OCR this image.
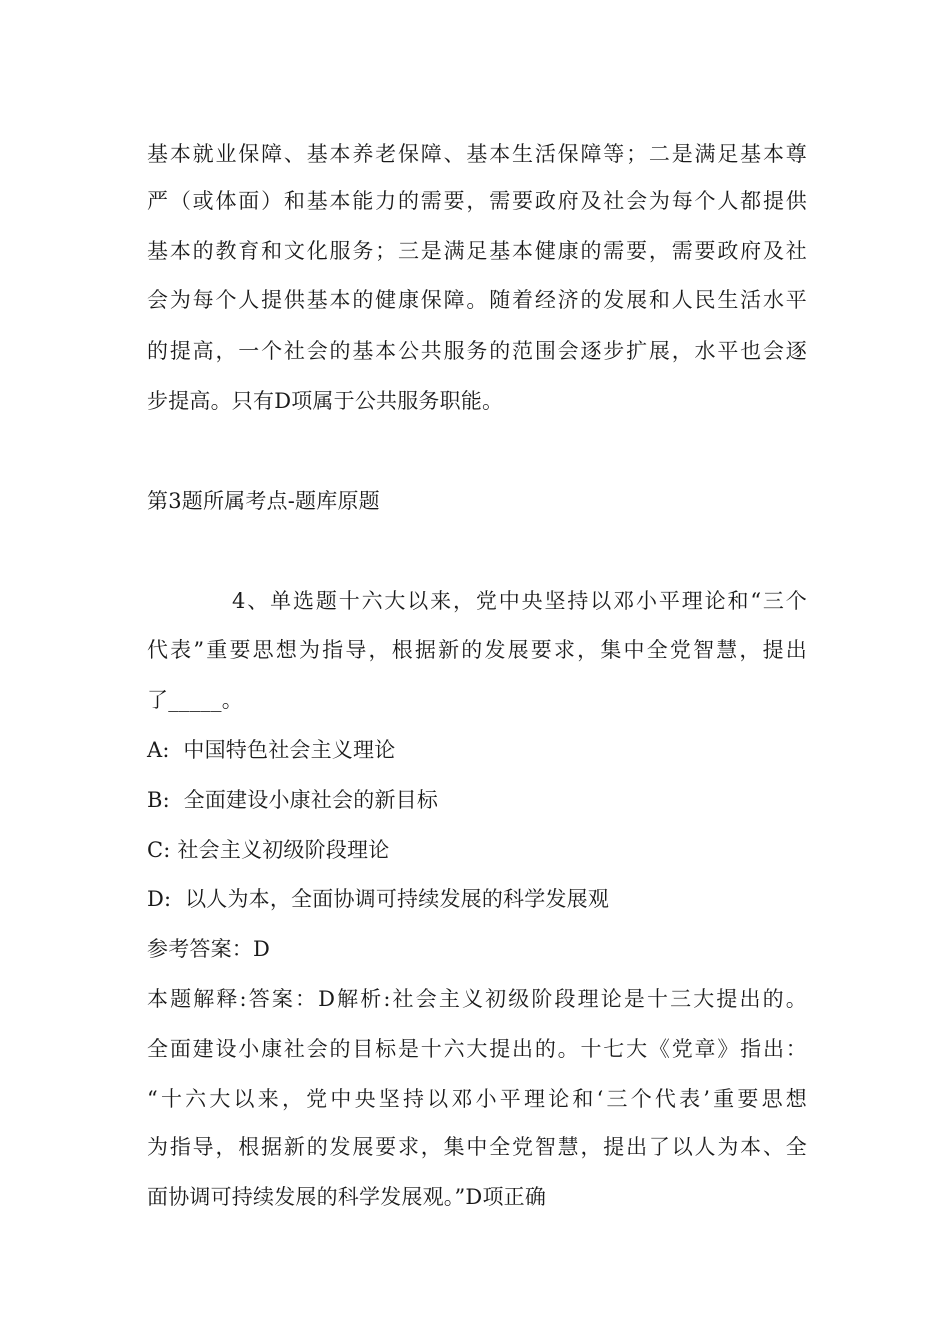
基本就业保障、基本养老保障、基本生活保障等；二是满足基本尊
严（或体面）和基本能力的需要，需要政府及社会为每个人都提供
基本的教育和文化服务；三是满足基本健康的需要，需要政府及社
会为每个人提供基本的健康保障。随着经济的发展和人民生活水平
的提高，一个社会的基本公共服务的范围会逐步扩展，水平也会逐
步提高。只有D项属于公共服务职能。
第3题所属考点-题库原题
4、单选题十六大以来，党中央坚持以邓小平理论和“三个
代表”重要思想为指导，根据新的发展要求，集中全党智慧，提出
了_____。
A:  中国特色社会主义理论
B:  全面建设小康社会的新目标
C: 社会主义初级阶段理论
D:  以人为本，全面协调可持续发展的科学发展观
参考答案：D
本题解释:答案：D解析:社会主义初级阶段理论是十三大提出的。
全面建设小康社会的目标是十六大提出的。十七大《党章》指出：
“十六大以来，党中央坚持以邓小平理论和‘三个代表’重要思想
为指导，根据新的发展要求，集中全党智慧，提出了以人为本、全
面协调可持续发展的科学发展观。”D项正确
